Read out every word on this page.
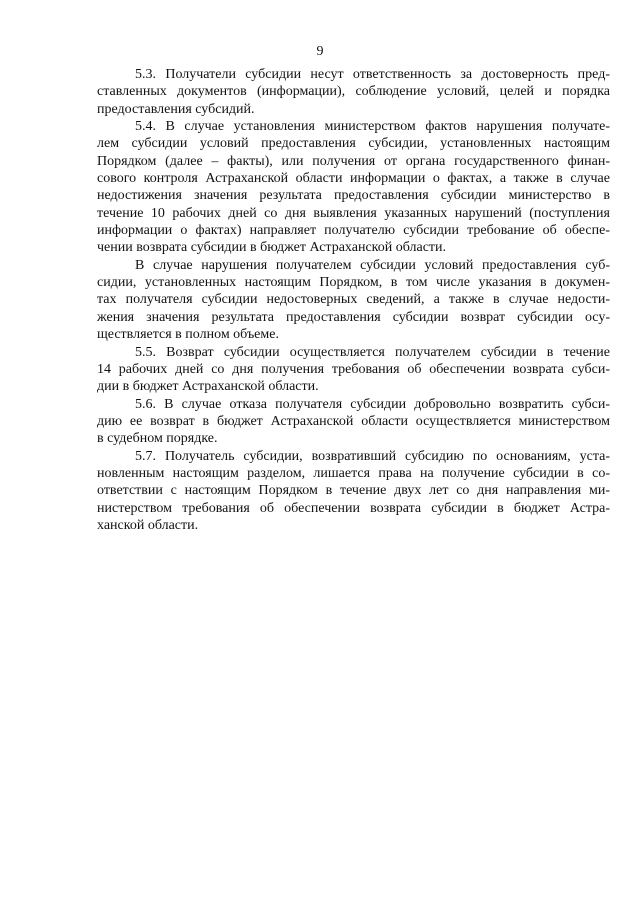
9
5.3. Получатели субсидии несут ответственность за достоверность пред-
ставленных документов (информации), соблюдение условий, целей и порядка
предоставления субсидий.
5.4. В случае установления министерством фактов нарушения получате-
лем субсидии условий предоставления субсидии, установленных настоящим
Порядком (далее – факты), или получения от органа государственного финан-
сового контроля Астраханской области информации о фактах, а также в случае
недостижения значения результата предоставления субсидии министерство в
течение 10 рабочих дней со дня выявления указанных нарушений (поступления
информации о фактах) направляет получателю субсидии требование об обеспе-
чении возврата субсидии в бюджет Астраханской области.
В случае нарушения получателем субсидии условий предоставления суб-
сидии, установленных настоящим Порядком, в том числе указания в докумен-
тах получателя субсидии недостоверных сведений, а также в случае недости-
жения значения результата предоставления субсидии возврат субсидии осу-
ществляется в полном объеме.
5.5. Возврат субсидии осуществляется получателем субсидии в течение
14 рабочих дней со дня получения требования об обеспечении возврата субси-
дии в бюджет Астраханской области.
5.6. В случае отказа получателя субсидии добровольно возвратить субси-
дию ее возврат в бюджет Астраханской области осуществляется министерством
в судебном порядке.
5.7. Получатель субсидии, возвративший субсидию по основаниям, уста-
новленным настоящим разделом, лишается права на получение субсидии в со-
ответствии с настоящим Порядком в течение двух лет со дня направления ми-
нистерством требования об обеспечении возврата субсидии в бюджет Астра-
ханской области.
